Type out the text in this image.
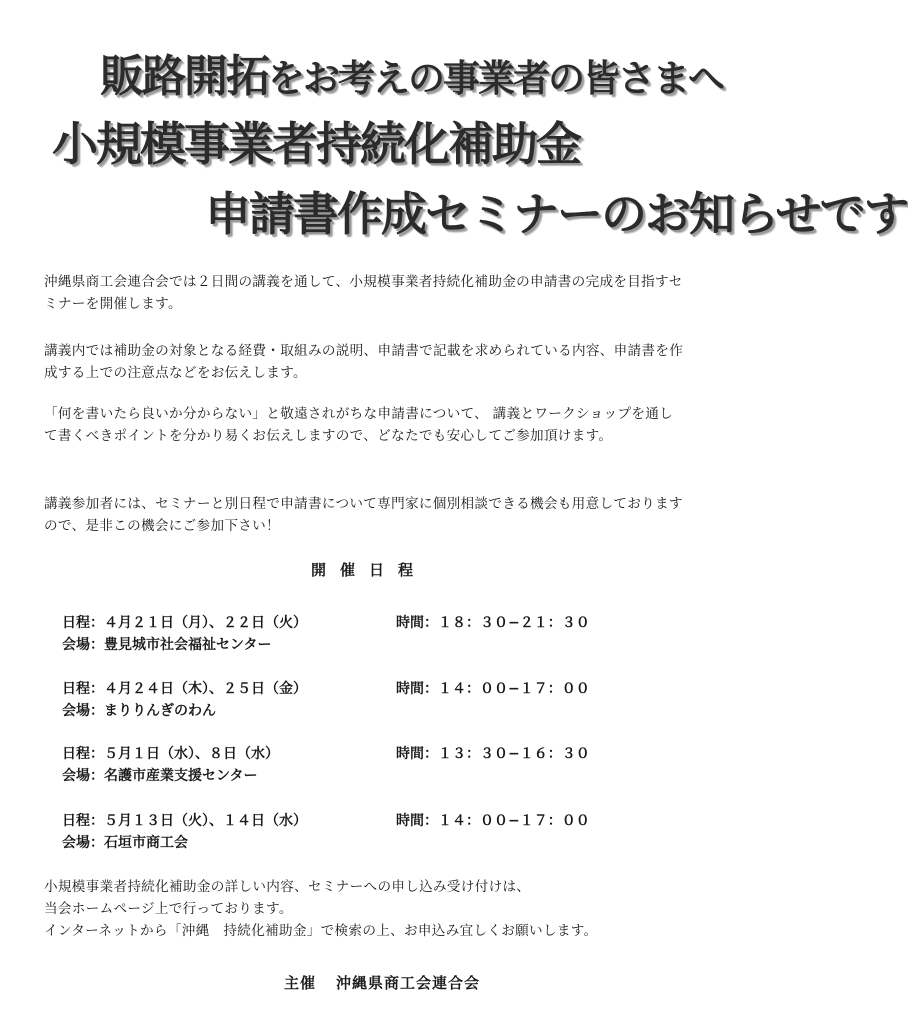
販路開拓をお考えの事業者の皆さまへ
小規模事業者持続化補助金
申請書作成セミナーのお知らせです

沖縄県商工会連合会では２日間の講義を通して、小規模事業者持続化補助金の申請書の完成を目指すセミナーを開催します。

講義内では補助金の対象となる経費・取組みの説明、申請書で記載を求められている内容、申請書を作成する上での注意点などをお伝えします。

「何を書いたら良いか分からない」と敬遠されがちな申請書について、 講義とワークショップを通して書くべきポイントを分かり易くお伝えしますので、どなたでも安心してご参加頂けます。

講義参加者には、セミナーと別日程で申請書について専門家に個別相談できる機会も用意しておりますので、是非この機会にご参加下さい！

開催日程
日程：４月２１日（月）、２２日（火）	時間：１８：３０−２１：３０
会場：豊見城市社会福祉センター
日程：４月２４日（木）、２５日（金）	時間：１４：００−１７：００
会場：まりりんぎのわん
日程：５月１日（水）、８日（水）	時間：１３：３０−１６：３０
会場：名護市産業支援センター
日程：５月１３日（火）、１４日（水）	時間：１４：００−１７：００
会場：石垣市商工会
小規模事業者持続化補助金の詳しい内容、セミナーへの申し込み受け付けは、
当会ホームページ上で行っております。
インターネットから「沖縄　持続化補助金」で検索の上、お申込み宜しくお願いします。

主催 沖縄県商工会連合会
